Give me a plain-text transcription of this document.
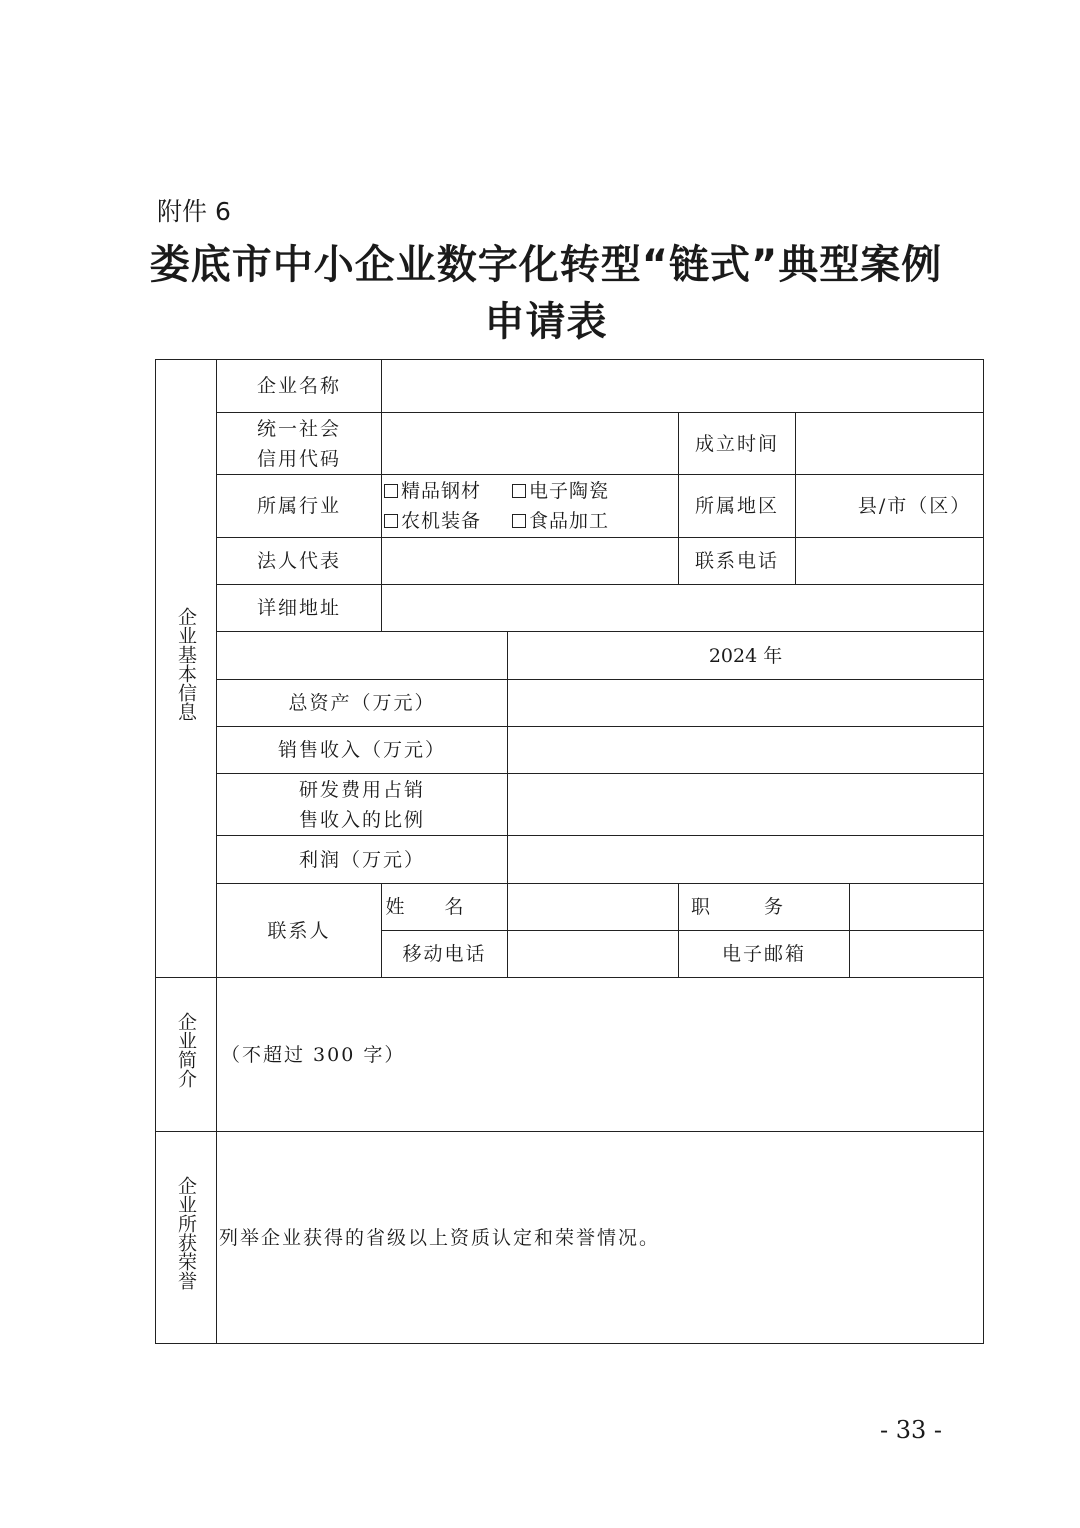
附件 6
娄底市中小企业数字化转型“链式”典型案例
申请表
企业基本信息	企业名称					

	统一社会信用代码			成立时间		
	所属行业	精品钢材 电子陶瓷
农机装备 食品加工		所属地区	县/市（区）	
	法人代表			联系电话		
	详细地址					
			2024 年			
	总资产（万元）					
	销售收入（万元）					

	研发费用占销售收入的比例					

	利润（万元）					
	联系人	姓名		职务		
		移动电话		电子邮箱		
企业简介	（不超过 300 字）					
企业所获荣誉	列举企业获得的省级以上资质认定和荣誉情况。					
- 33 -
